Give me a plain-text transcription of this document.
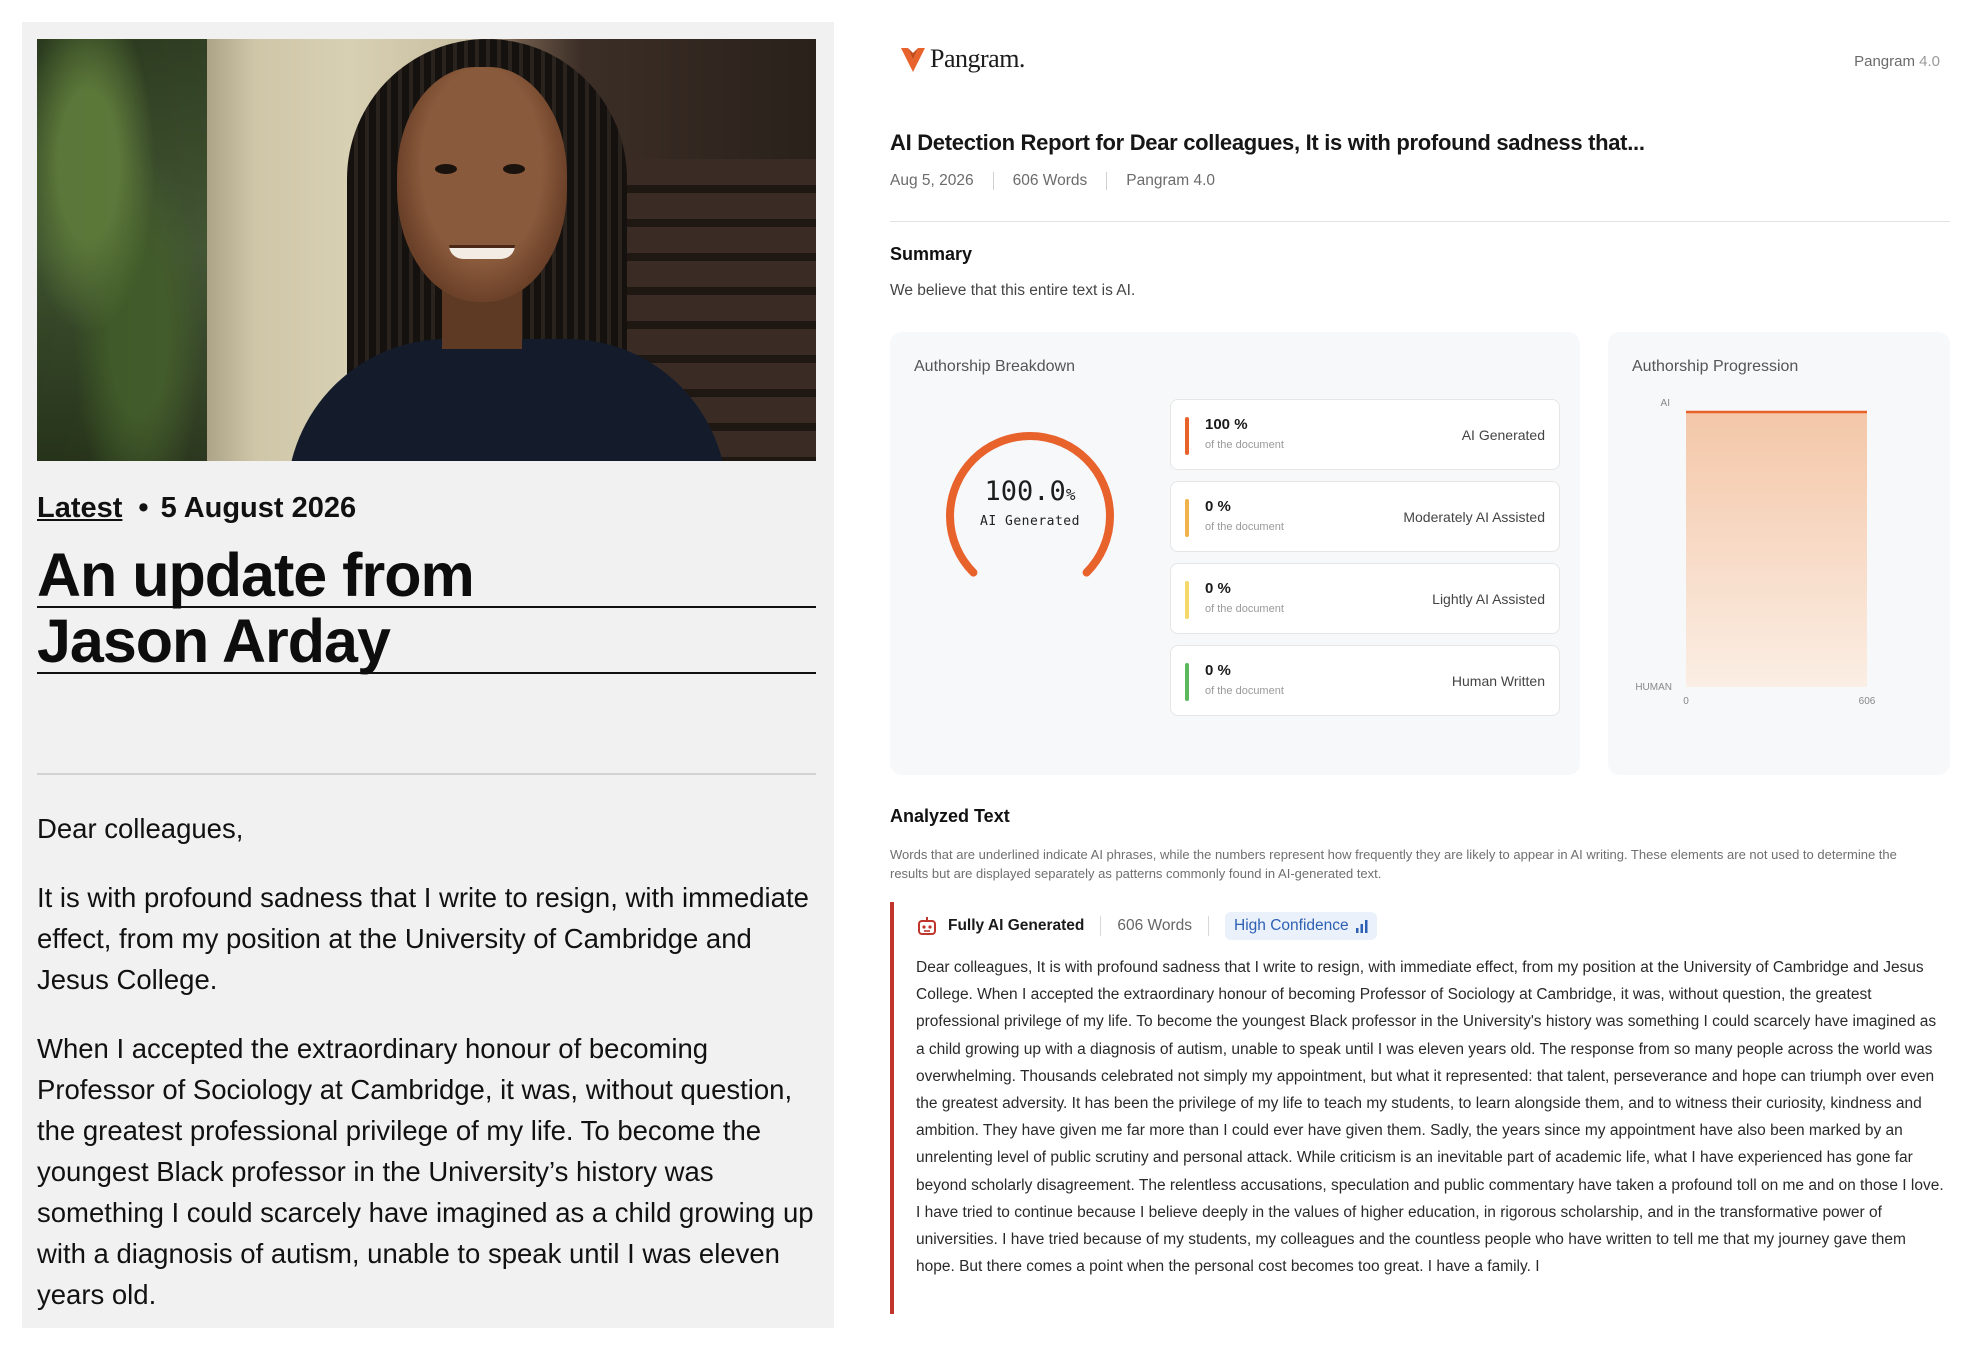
Latest • 5 August 2026
An update from
Jason Arday

Dear colleagues,

It is with profound sadness that I write to resign, with immediate effect, from my position at the University of Cambridge and Jesus College.

When I accepted the extraordinary honour of becoming Professor of Sociology at Cambridge, it was, without question, the greatest professional privilege of my life. To become the youngest Black professor in the University’s history was something I could scarcely have imagined as a child growing up with a diagnosis of autism, unable to speak until I was eleven years old.

Pangram.	Pangram 4.0
AI Detection Report for Dear colleagues, It is with profound sadness that...
Aug 5, 2026	606 Words	Pangram 4.0
Summary
We believe that this entire text is AI.
Authorship Breakdown
100.0%
AI Generated
100 %
of the document
AI Generated
0 %
of the document
Moderately AI Assisted
0 %
of the document
Lightly AI Assisted
0 %
of the document
Human Written
Authorship Progression
AI
HUMAN
0	606
Analyzed Text
Words that are underlined indicate AI phrases, while the numbers represent how frequently they are likely to appear in AI writing. These elements are not used to determine the results but are displayed separately as patterns commonly found in AI-generated text.
Fully AI Generated 606 Words	High Confidence
Dear colleagues, It is with profound sadness that I write to resign, with immediate effect, from my position at the University of Cambridge and Jesus College. When I accepted the extraordinary honour of becoming Professor of Sociology at Cambridge, it was, without question, the greatest professional privilege of my life. To become the youngest Black professor in the University's history was something I could scarcely have imagined as a child growing up with a diagnosis of autism, unable to speak until I was eleven years old. The response from so many people across the world was overwhelming. Thousands celebrated not simply my appointment, but what it represented: that talent, perseverance and hope can triumph over even the greatest adversity. It has been the privilege of my life to teach my students, to learn alongside them, and to witness their curiosity, kindness and ambition. They have given me far more than I could ever have given them. Sadly, the years since my appointment have also been marked by an unrelenting level of public scrutiny and personal attack. While criticism is an inevitable part of academic life, what I have experienced has gone far beyond scholarly disagreement. The relentless accusations, speculation and public commentary have taken a profound toll on me and on those I love. I have tried to continue because I believe deeply in the values of higher education, in rigorous scholarship, and in the transformative power of universities. I have tried because of my students, my colleagues and the countless people who have written to tell me that my journey gave them hope. But there comes a point when the personal cost becomes too great. I have a family. I
